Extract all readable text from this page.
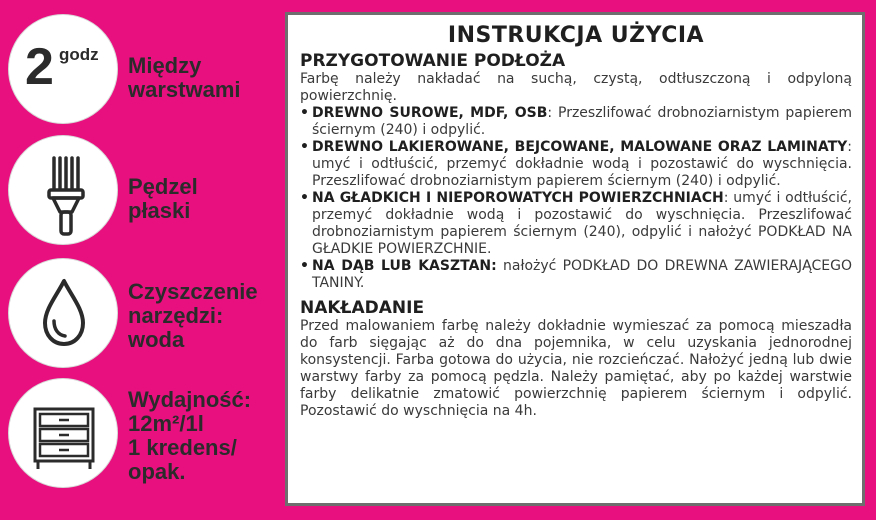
2 godz Między
warstwami
Pędzel
płaski
Czyszczenie
narzędzi:
woda
Wydajność:
12m²/1l
1 kredens/
opak.
INSTRUKCJA UŻYCIA
PRZYGOTOWANIE PODŁOŻA

Farbę należy nakładać na suchą, czystą, odtłuszczoną i odpyloną powierzchnię.

• DREWNO SUROWE, MDF, OSB: Przeszlifować drobnoziarnistym papierem ściernym (240) i odpylić.

• DREWNO LAKIEROWANE, BEJCOWANE, MALOWANE ORAZ LAMINATY: umyć i odtłuścić, przemyć dokładnie wodą i pozostawić do wyschnięcia. Przeszlifować drobnoziarnistym papierem ściernym (240) i odpylić.

• NA GŁADKICH I NIEPOROWATYCH POWIERZCHNIACH: umyć i odtłuścić, przemyć dokładnie wodą i pozostawić do wyschnięcia. Przeszlifować drobnoziarnistym papierem ściernym (240), odpylić i nałożyć PODKŁAD NA GŁADKIE POWIERZCHNIE.

• NA DĄB LUB KASZTAN: nałożyć PODKŁAD DO DREWNA ZAWIERAJĄCEGO TANINY.

NAKŁADANIE

Przed malowaniem farbę należy dokładnie wymieszać za pomocą mieszadła do farb sięgając aż do dna pojemnika, w celu uzyskania jednorodnej konsystencji. Farba gotowa do użycia, nie rozcieńczać. Nałożyć jedną lub dwie warstwy farby za pomocą pędzla. Należy pamiętać, aby po każdej warstwie farby delikatnie zmatowić powierzchnię papierem ściernym i odpylić. Pozostawić do wyschnięcia na 4h.
